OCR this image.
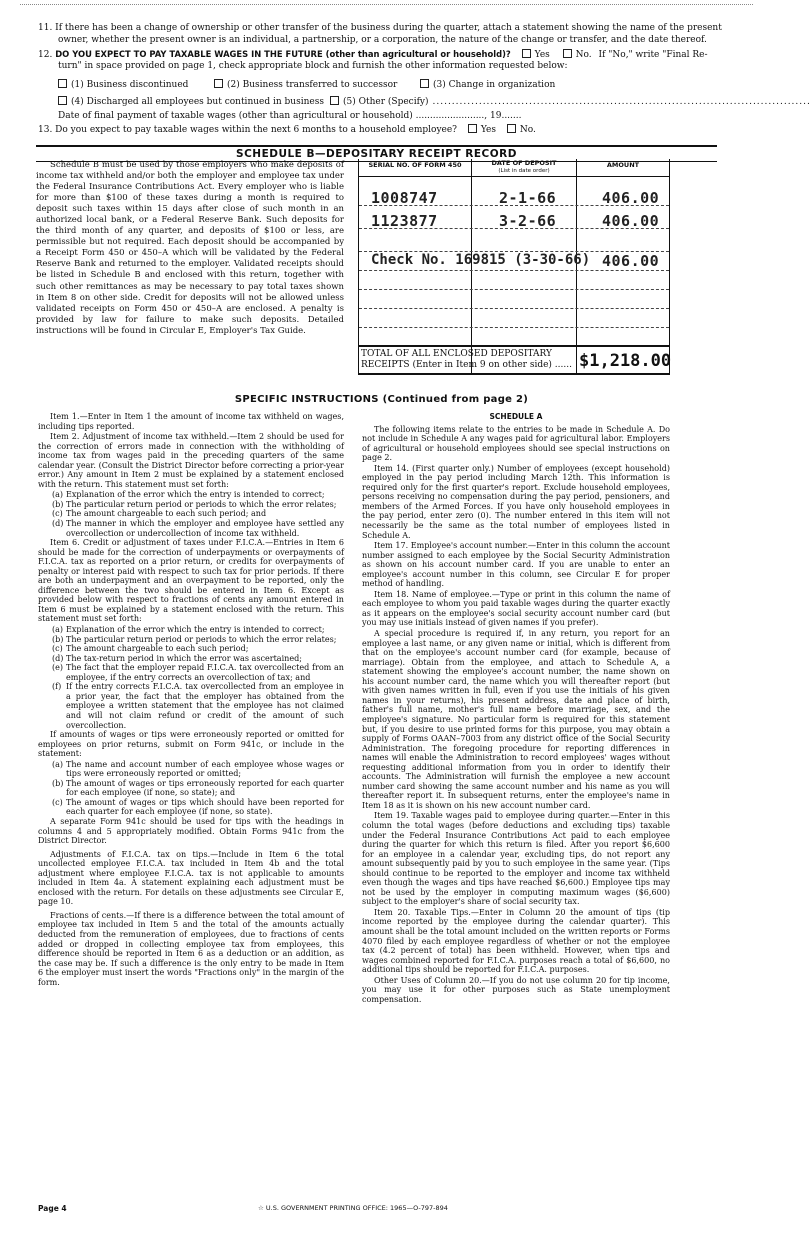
11. If there has been a change of ownership or other transfer of the business during the quarter, attach a statement showing the name of the present
owner, whether the present owner is an individual, a partnership, or a corporation, the nature of the change or transfer, and the date thereof.
12. DO YOU EXPECT TO PAY TAXABLE WAGES IN THE FUTURE (other than agricultural or household)?	Yes	No. If "No," write "Final Re-
turn" in space provided on page 1, check appropriate block and furnish the other information requested below:
(1) Business discontinued	(2) Business transferred to successor	(3) Change in organization
(4) Discharged all employees but continued in business	(5) Other (Specify) ..................................................................................................
Date of final payment of taxable wages (other than agricultural or household) ........................, 19.......
13. Do you expect to pay taxable wages within the next 6 months to a household employee?	Yes	No.
SCHEDULE B—DEPOSITARY RECEIPT RECORD

Schedule B must be used by those employers who make deposits of income tax withheld and/or both the employer and employee tax under the Federal Insurance Contributions Act. Every employer who is liable for more than $100 of these taxes during a month is required to deposit such taxes within 15 days after close of such month in an authorized local bank, or a Federal Reserve Bank. Such deposits for the third month of any quarter, and deposits of $100 or less, are permissible but not required. Each deposit should be accompanied by a Receipt Form 450 or 450–A which will be validated by the Federal Reserve Bank and returned to the employer. Validated receipts should be listed in Schedule B and enclosed with this return, together with such other remittances as may be necessary to pay total taxes shown in Item 8 on other side. Credit for deposits will not be allowed unless validated receipts on Form 450 or 450–A are enclosed. A penalty is provided by law for failure to make such deposits. Detailed instructions will be found in Circular E, Employer's Tax Guide.

SERIAL NO. OF FORM 450	DATE OF DEPOSIT
(List in date order)
AMOUNT
1008747	2-1-66	406.00
1123877	3-2-66	406.00
Check No. 169815 (3-30-66) 406.00
TOTAL OF ALL ENCLOSED DEPOSITARY RECEIPTS (Enter in Item 9 on other side) ...... $1,218.00
SPECIFIC INSTRUCTIONS (Continued from page 2)

Item 1.—Enter in Item 1 the amount of income tax withheld on wages, including tips reported.

Item 2. Adjustment of income tax withheld.—Item 2 should be used for the correction of errors made in connection with the withholding of income tax from wages paid in the preceding quarters of the same calendar year. (Consult the District Director before correcting a prior-year error.) Any amount in Item 2 must be explained by a statement enclosed with the return. This statement must set forth:

(a) Explanation of the error which the entry is intended to correct;

(b) The particular return period or periods to which the error relates;

(c) The amount chargeable to each such period; and

(d) The manner in which the employer and employee have settled any overcollection or undercollection of income tax withheld.

Item 6. Credit or adjustment of taxes under F.I.C.A.—Entries in Item 6 should be made for the correction of underpayments or overpayments of F.I.C.A. tax as reported on a prior return, or credits for overpayments of penalty or interest paid with respect to such tax for prior periods. If there are both an underpayment and an overpayment to be reported, only the difference between the two should be entered in Item 6. Except as provided below with respect to fractions of cents any amount entered in Item 6 must be explained by a statement enclosed with the return. This statement must set forth:

(a) Explanation of the error which the entry is intended to correct;

(b) The particular return period or periods to which the error relates;

(c) The amount chargeable to each such period;

(d) The tax-return period in which the error was ascertained;

(e) The fact that the employer repaid F.I.C.A. tax overcollected from an employee, if the entry corrects an overcollection of tax; and

(f) If the entry corrects F.I.C.A. tax overcollected from an employee in a prior year, the fact that the employer has obtained from the employee a written statement that the employee has not claimed and will not claim refund or credit of the amount of such overcollection.

If amounts of wages or tips were erroneously reported or omitted for employees on prior returns, submit on Form 941c, or include in the statement:

(a) The name and account number of each employee whose wages or tips were erroneously reported or omitted;

(b) The amount of wages or tips erroneously reported for each quarter for each employee (if none, so state); and

(c) The amount of wages or tips which should have been reported for each quarter for each employee (if none, so state).

A separate Form 941c should be used for tips with the headings in columns 4 and 5 appropriately modified. Obtain Forms 941c from the District Director.

Adjustments of F.I.C.A. tax on tips.—Include in Item 6 the total uncollected employee F.I.C.A. tax included in Item 4b and the total adjustment where employee F.I.C.A. tax is not applicable to amounts included in Item 4a. A statement explaining each adjustment must be enclosed with the return. For details on these adjustments see Circular E, page 10.

Fractions of cents.—If there is a difference between the total amount of employee tax included in Item 5 and the total of the amounts actually deducted from the remuneration of employees, due to fractions of cents added or dropped in collecting employee tax from employees, this difference should be reported in Item 6 as a deduction or an addition, as the case may be. If such a difference is the only entry to be made in Item 6 the employer must insert the words "Fractions only" in the margin of the form.

SCHEDULE A

The following items relate to the entries to be made in Schedule A. Do not include in Schedule A any wages paid for agricultural labor. Employers of agricultural or household employees should see special instructions on page 2.

Item 14. (First quarter only.) Number of employees (except household) employed in the pay period including March 12th. This information is required only for the first quarter's report. Exclude household employees, persons receiving no compensation during the pay period, pensioners, and members of the Armed Forces. If you have only household employees in the pay period, enter zero (0). The number entered in this item will not necessarily be the same as the total number of employees listed in Schedule A.

Item 17. Employee's account number.—Enter in this column the account number assigned to each employee by the Social Security Administration as shown on his account number card. If you are unable to enter an employee's account number in this column, see Circular E for proper method of handling.

Item 18. Name of employee.—Type or print in this column the name of each employee to whom you paid taxable wages during the quarter exactly as it appears on the employee's social security account number card (but you may use initials instead of given names if you prefer).

A special procedure is required if, in any return, you report for an employee a last name, or any given name or initial, which is different from that on the employee's account number card (for example, because of marriage). Obtain from the employee, and attach to Schedule A, a statement showing the employee's account number, the name shown on his account number card, the name which you will thereafter report (but with given names written in full, even if you use the initials of his given names in your returns), his present address, date and place of birth, father's full name, mother's full name before marriage, sex, and the employee's signature. No particular form is required for this statement but, if you desire to use printed forms for this purpose, you may obtain a supply of Forms OAAN–7003 from any district office of the Social Security Administration. The foregoing procedure for reporting differences in names will enable the Administration to record employees' wages without requesting additional information from you in order to identify their accounts. The Administration will furnish the employee a new account number card showing the same account number and his name as you will thereafter report it. In subsequent returns, enter the employee's name in Item 18 as it is shown on his new account number card.

Item 19. Taxable wages paid to employee during quarter.—Enter in this column the total wages (before deductions and excluding tips) taxable under the Federal Insurance Contributions Act paid to each employee during the quarter for which this return is filed. After you report $6,600 for an employee in a calendar year, excluding tips, do not report any amount subsequently paid by you to such employee in the same year. (Tips should continue to be reported to the employer and income tax withheld even though the wages and tips have reached $6,600.) Employee tips may not be used by the employer in computing maximum wages ($6,600) subject to the employer's share of social security tax.

Item 20. Taxable Tips.—Enter in Column 20 the amount of tips (tip income reported by the employee during the calendar quarter). This amount shall be the total amount included on the written reports or Forms 4070 filed by each employee regardless of whether or not the employee tax (4.2 percent of total) has been withheld. However, when tips and wages combined reported for F.I.C.A. purposes reach a total of $6,600, no additional tips should be reported for F.I.C.A. purposes.

Other Uses of Column 20.—If you do not use column 20 for tip income, you may use it for other purposes such as State unemployment compensation.

Page 4	☆ U.S. GOVERNMENT PRINTING OFFICE: 1965—O-797-894
